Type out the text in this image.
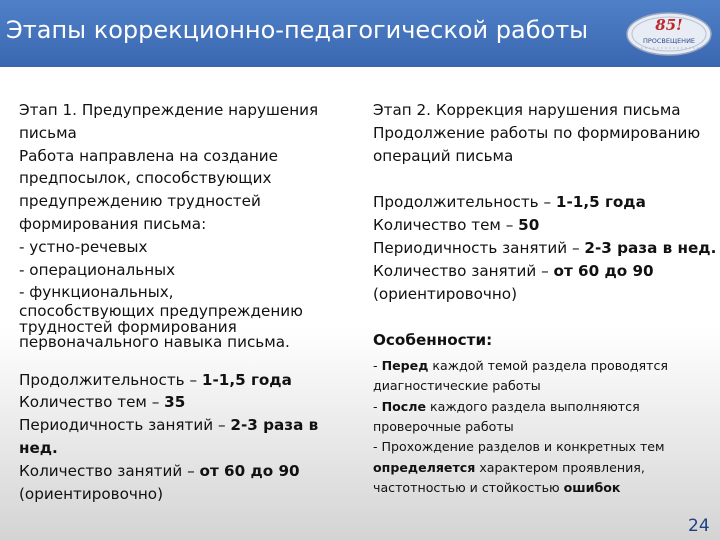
Этапы коррекционно-педагогической работы	85!
ПРОСВЕЩЕНИЕ

Этап 1. Предупреждение нарушения

письма

Работа направлена на создание

предпосылок, способствующих

предупреждению трудностей

формирования письма:

- устно-речевых

- операциональных

- функциональных,

способствующих предупреждению

трудностей формирования

первоначального навыка письма.

Продолжительность – 1-1,5 года

Количество тем – 35

Периодичность занятий – 2-3 раза в

нед.

Количество занятий – от 60 до 90

(ориентировочно)

Этап 2. Коррекция нарушения письма

Продолжение работы по формированию

операций письма

Продолжительность – 1-1,5 года

Количество тем – 50

Периодичность занятий – 2-3 раза в нед.

Количество занятий – от 60 до 90

(ориентировочно)

Особенности:

- Перед каждой темой раздела проводятся

диагностические работы

- После каждого раздела выполняются

проверочные работы

- Прохождение разделов и конкретных тем

определяется характером проявления,

частотностью и стойкостью ошибок

24
